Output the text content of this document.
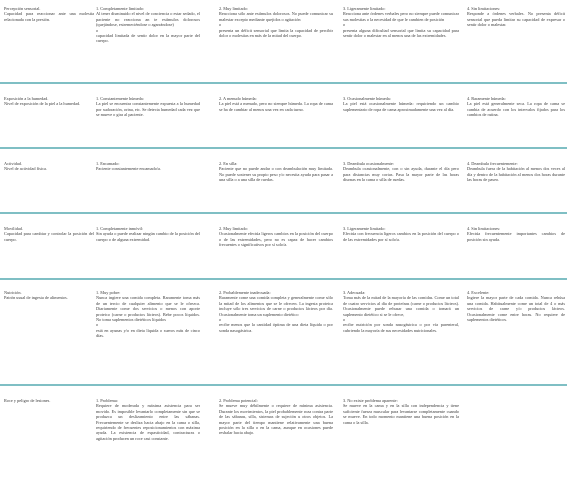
Percepción sensorial.
Capacidad para reaccionar ante una molestia relacionada con la presión.
1. Completamente limitado:
Al tener disminuido el nivel de conciencia o estar sedado, el paciente no reacciona an te estímulos dolorosos (quejándose, estremeciéndose o agarrándose)
o
capacidad limitada de sentir dolor en la mayor parte del cuerpo.
2. Muy limitado:
Reacciona sólo ante estímulos dolorosos. No puede comunicar su malestar excepto mediante quejidos o agitación
o
presenta un déficit sensorial que limita la capacidad de percibir dolor o molestias en más de la mitad del cuerpo.
3. Ligeramente limitado:
Reacciona ante órdenes verbales pero no siempre puede comunicar sus molestias o la necesidad de que le cambien de posición
o
presenta alguna dificultad sensorial que limita su capacidad para sentir dolor o malestar en al menos una de las extremidades.
4. Sin limitaciones:
Responde a órdenes verbales. No presenta déficit sensorial que pueda limitar su capacidad de expresar o sentir dolor o malestar.
Exposición a la humedad.
Nivel de exposición de la piel a la humedad.
1. Constantemente húmeda:
La piel se encuentra constantemente expuesta a la humedad por sudoración, orina, etc. Se detecta humedad cada vez que se mueve o gira al paciente.
2. A menudo húmeda:
La piel está a menudo, pero no siempre húmeda. La ropa de cama se ha de cambiar al menos una vez en cada turno.
3. Ocasionalmente húmeda:
La piel está ocasionalmente húmeda: requiriendo un cambio suplementario de ropa de cama aproximadamente una vez al día.
4. Raramente húmeda:
La piel está generalmente seca. La ropa de cama se cambia de acuerdo con los intervalos fijados para los cambios de rutina.
Actividad.
Nivel de actividad física.
1. Encamado:
Paciente constantemente encamado/a.
2. En silla:
Paciente que no puede andar o con deambulación muy limitada. No puede sostener su propio peso y/o necesita ayuda para pasar a una silla o a una silla de ruedas.
3. Deambula ocasionalmente:
Deambula ocasionalmente, con o sin ayuda, durante el día pero para distancias muy cortas. Pasa la mayor parte de las horas diurnas en la cama o silla de ruedas.
4. Deambula frecuentemente:
Deambula fuera de la habitación al menos dos veces al día y dentro de la habitación al menos dos horas durante las horas de paseo.
Movilidad.
Capacidad para cambiar y controlar la posición del cuerpo.
1. Completamente inmóvil:
Sin ayuda o puede realizar ningún cambio de la posición del cuerpo o de alguna extremidad.
2. Muy limitado:
Ocasionalmente efectúa ligeros cambios en la posición del cuerpo o de las extremidades, pero no es capaz de hacer cambios frecuentes o significativos por sí solo/a.
3. Ligeramente limitado:
Efectúa con frecuencia ligeros cambios en la posición del cuerpo o de las extremidades por sí solo/a.
4. Sin limitaciones:
Efectúa frecuentemente importantes cambios de posición sin ayuda.
Nutrición.
Patrón usual de ingesta de alimentos.
1. Muy pobre:
Nunca ingiere una comida completa. Raramente toma más de un tercio de cualquier alimento que se le ofrezca. Diariamente come dos servicios o menos con aporte proteico (carne o productos lácteos). Bebe pocos líquidos. No toma suplementos dietéticos líquidos
o
está en ayunas y/o en dieta líquida o sueros más de cinco días.
2. Probablemente inadecuada:
Raramente come una comida completa y generalmente come sólo la mitad de los alimentos que se le ofrecen. La ingesta proteica incluye sólo tres servicios de carne o productos lácteos por día. Ocasionalmente toma un suplemento dietético
o
recibe menos que la cantidad óptima de una dieta líquida o por sonda nasogástrica.
3. Adecuada:
Toma más de la mitad de la mayoría de las comidas. Come un total de cuatro servicios al día de proteínas (carne o productos lácteos). Ocasionalmente puede rehusar una comida o tomará un suplemento dietético si se le ofrece,
o
recibe nutrición por sonda nasogástrica o por vía parenteral, cubriendo la mayoría de sus necesidades nutricionales.
4. Excelente:
Ingiere la mayor parte de cada comida. Nunca rehúsa una comida. Habitualmente come un total de 4 o más servicios de carne y/o productos lácteos. Ocasionalmente come entre horas. No requiere de suplementos dietéticos.
Roce y peligro de lesiones.	1. Problema:
Requiere de moderada y máxima asistencia para ser movido. Es imposible levantarlo completamente sin que se produzca un deslizamiento entre las sábanas. Frecuentemente se desliza hacia abajo en la cama o silla, requiriendo de frecuentes reposicionamientos con máxima ayuda. La existencia de espasticidad, contracturas o agitación producen un roce casi constante.
2. Problema potencial:
Se mueve muy débilmente o requiere de mínima asistencia. Durante los movimientos, la piel probablemente roza contra parte de las sábanas, silla, sistemas de sujeción u otros objetos. La mayor parte del tiempo mantiene relativamente una buena posición en la silla o en la cama, aunque en ocasiones puede resbalar hacia abajo.
3. No existe problema aparente:
Se mueve en la cama y en la silla con independencia y tiene suficiente fuerza muscular para levantarse completamente cuando se mueve. En todo momento mantiene una buena posición en la cama o la silla.
